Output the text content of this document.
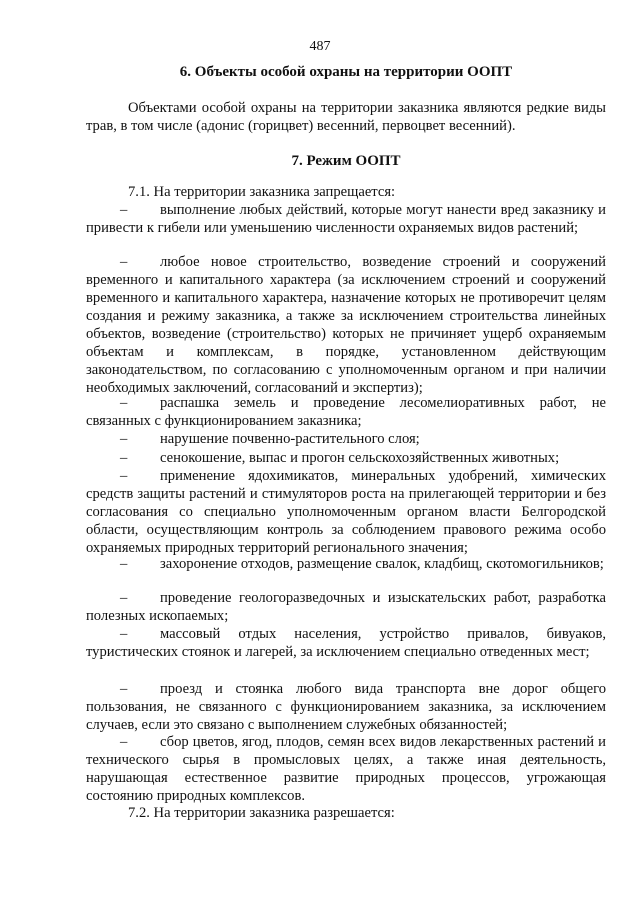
487
6. Объекты особой охраны на территории ООПТ

Объектами особой охраны на территории заказника являются редкие виды трав, в том числе (адонис (горицвет) весенний, первоцвет весенний).

7. Режим ООПТ

7.1. На территории заказника запрещается:

– выполнение любых действий, которые могут нанести вред заказнику и привести к гибели или уменьшению численности охраняемых видов растений;

– любое новое строительство, возведение строений и сооружений временного и капитального характера (за исключением строений и сооружений временного и капитального характера, назначение которых не противоречит целям создания и режиму заказника, а также за исключением строительства линейных объектов, возведение (строительство) которых не причиняет ущерб охраняемым объектам и комплексам, в порядке, установленном действующим законодательством, по согласованию с уполномоченным органом и при наличии необходимых заключений, согласований и экспертиз);

– распашка земель и проведение лесомелиоративных работ, не связанных с функционированием заказника;

– нарушение почвенно-растительного слоя;

– сенокошение, выпас и прогон сельскохозяйственных животных;

– применение ядохимикатов, минеральных удобрений, химических средств защиты растений и стимуляторов роста на прилегающей территории и без согласования со специально уполномоченным органом власти Белгородской области, осуществляющим контроль за соблюдением правового режима особо охраняемых природных территорий регионального значения;

– захоронение отходов, размещение свалок, кладбищ, скотомогильников;

– проведение геологоразведочных и изыскательских работ, разработка полезных ископаемых;

– массовый отдых населения, устройство привалов, бивуаков, туристических стоянок и лагерей, за исключением специально отведенных мест;

– проезд и стоянка любого вида транспорта вне дорог общего пользования, не связанного с функционированием заказника, за исключением случаев, если это связано с выполнением служебных обязанностей;

– сбор цветов, ягод, плодов, семян всех видов лекарственных растений и технического сырья в промысловых целях, а также иная деятельность, нарушающая естественное развитие природных процессов, угрожающая состоянию природных комплексов.

7.2. На территории заказника разрешается:
